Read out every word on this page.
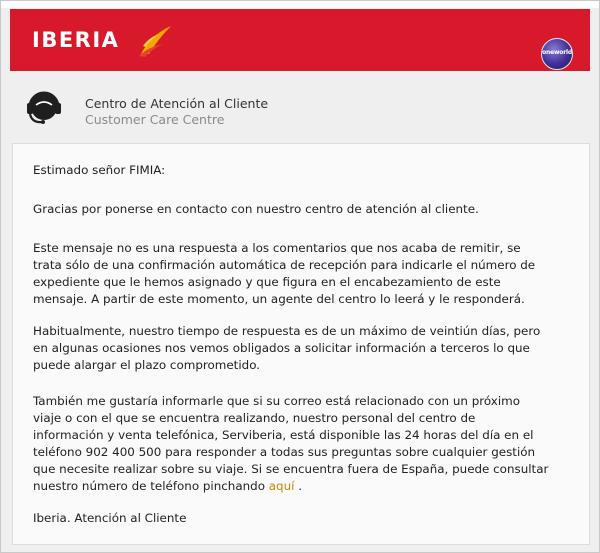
IBERIA
oneworld
Centro de Atención al Cliente
Customer Care Centre

Estimado señor FIMIA:

Gracias por ponerse en contacto con nuestro centro de atención al cliente.

Este mensaje no es una respuesta a los comentarios que nos acaba de remitir, se
trata sólo de una confirmación automática de recepción para indicarle el número de
expediente que le hemos asignado y que figura en el encabezamiento de este
mensaje. A partir de este momento, un agente del centro lo leerá y le responderá.

Habitualmente, nuestro tiempo de respuesta es de un máximo de veintiún días, pero
en algunas ocasiones nos vemos obligados a solicitar información a terceros lo que
puede alargar el plazo comprometido.

También me gustaría informarle que si su correo está relacionado con un próximo
viaje o con el que se encuentra realizando, nuestro personal del centro de
información y venta telefónica, Serviberia, está disponible las 24 horas del día en el
teléfono 902 400 500 para responder a todas sus preguntas sobre cualquier gestión
que necesite realizar sobre su viaje. Si se encuentra fuera de España, puede consultar
nuestro número de teléfono pinchando aquí .

Iberia. Atención al Cliente
